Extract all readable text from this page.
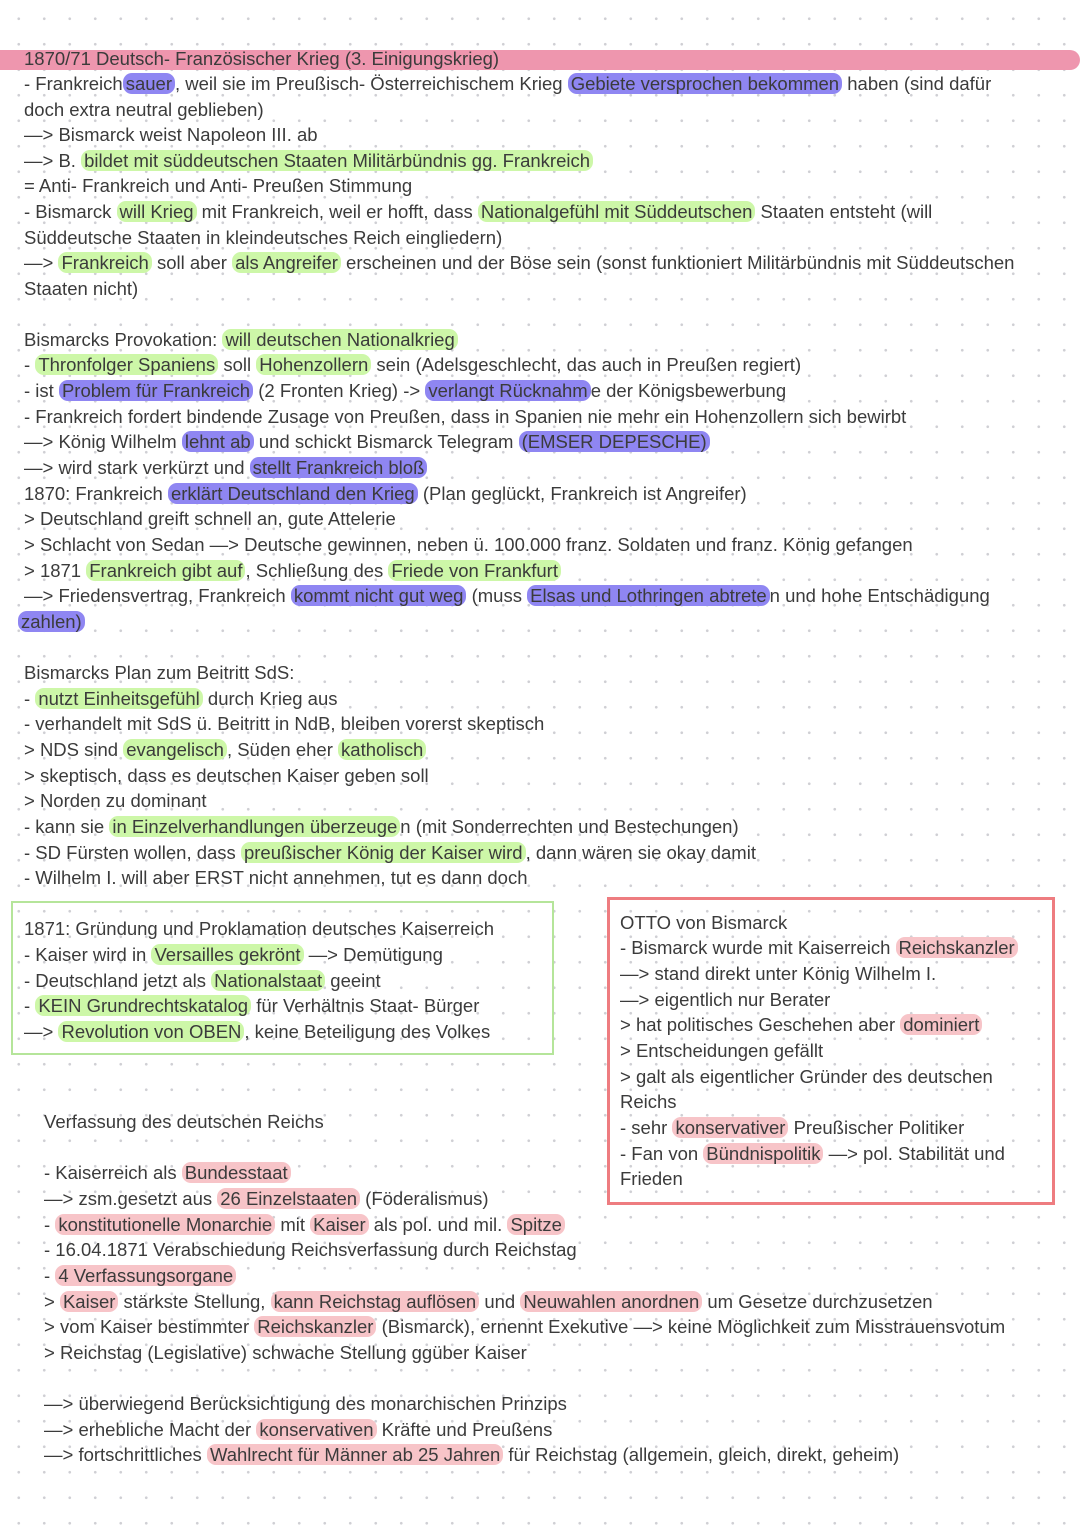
1870/71 Deutsch- Französischer Krieg (3. Einigungskrieg)
- Frankreich sauer , weil sie im Preußisch- Österreichischem Krieg Gebiete versprochen bekommen haben (sind dafür
doch extra neutral geblieben)
—> Bismarck weist Napoleon III. ab
—> B. bildet mit süddeutschen Staaten Militärbündnis gg. Frankreich
= Anti- Frankreich und Anti- Preußen Stimmung
- Bismarck will Krieg mit Frankreich, weil er hofft, dass Nationalgefühl mit Süddeutschen Staaten entsteht (will
Süddeutsche Staaten in kleindeutsches Reich eingliedern)
—> Frankreich soll aber als Angreifer erscheinen und der Böse sein (sonst funktioniert Militärbündnis mit Süddeutschen
Staaten nicht)
Bismarcks Provokation: will deutschen Nationalkrieg
- Thronfolger Spaniens soll Hohenzollern sein (Adelsgeschlecht, das auch in Preußen regiert)
- ist Problem für Frankreich (2 Fronten Krieg) -> verlangt Rücknahm e der Königsbewerbung
- Frankreich fordert bindende Zusage von Preußen, dass in Spanien nie mehr ein Hohenzollern sich bewirbt
—> König Wilhelm lehnt ab und schickt Bismarck Telegram (EMSER DEPESCHE)
—> wird stark verkürzt und stellt Frankreich bloß
1870: Frankreich erklärt Deutschland den Krieg (Plan geglückt, Frankreich ist Angreifer)
> Deutschland greift schnell an, gute Attelerie
> Schlacht von Sedan —> Deutsche gewinnen, neben ü. 100.000 franz. Soldaten und franz. König gefangen
> 1871 Frankreich gibt auf , Schließung des Friede von Frankfurt
—> Friedensvertrag, Frankreich kommt nicht gut weg (muss Elsas und Lothringen abtrete n und hohe Entschädigung
zahlen)
Bismarcks Plan zum Beitritt SdS:
- nutzt Einheitsgefühl durch Krieg aus
- verhandelt mit SdS ü. Beitritt in NdB, bleiben vorerst skeptisch
> NDS sind evangelisch , Süden eher katholisch
> skeptisch, dass es deutschen Kaiser geben soll
> Norden zu dominant
- kann sie in Einzelverhandlungen überzeuge n (mit Sonderrechten und Bestechungen)
- SD Fürsten wollen, dass preußischer König der Kaiser wird , dann wären sie okay damit
- Wilhelm I. will aber ERST nicht annehmen, tut es dann doch
1871: Gründung und Proklamation deutsches Kaiserreich
- Kaiser wird in Versailles gekrönt —> Demütigung
- Deutschland jetzt als Nationalstaat geeint
- KEIN Grundrechtskatalog für Verhältnis Staat- Bürger
—> Revolution von OBEN , keine Beteiligung des Volkes
OTTO von Bismarck
- Bismarck wurde mit Kaiserreich Reichskanzler
—> stand direkt unter König Wilhelm I.
—> eigentlich nur Berater
> hat politisches Geschehen aber dominiert
> Entscheidungen gefällt
> galt als eigentlicher Gründer des deutschen
Reichs
- sehr konservativer Preußischer Politiker
- Fan von Bündnispolitik —> pol. Stabilität und
Frieden
Verfassung des deutschen Reichs
- Kaiserreich als Bundesstaat
—> zsm.gesetzt aus 26 Einzelstaaten (Föderalismus)
- konstitutionelle Monarchie mit Kaiser als pol. und mil. Spitze
- 16.04.1871 Verabschiedung Reichsverfassung durch Reichstag
- 4 Verfassungsorgane
> Kaiser stärkste Stellung, kann Reichstag auflösen und Neuwahlen anordnen um Gesetze durchzusetzen
> vom Kaiser bestimmter Reichskanzler (Bismarck), ernennt Exekutive —> keine Möglichkeit zum Misstrauensvotum
> Reichstag (Legislative) schwache Stellung ggüber Kaiser
—> überwiegend Berücksichtigung des monarchischen Prinzips
—> erhebliche Macht der konservativen Kräfte und Preußens
—> fortschrittliches Wahlrecht für Männer ab 25 Jahren für Reichstag (allgemein, gleich, direkt, geheim)
